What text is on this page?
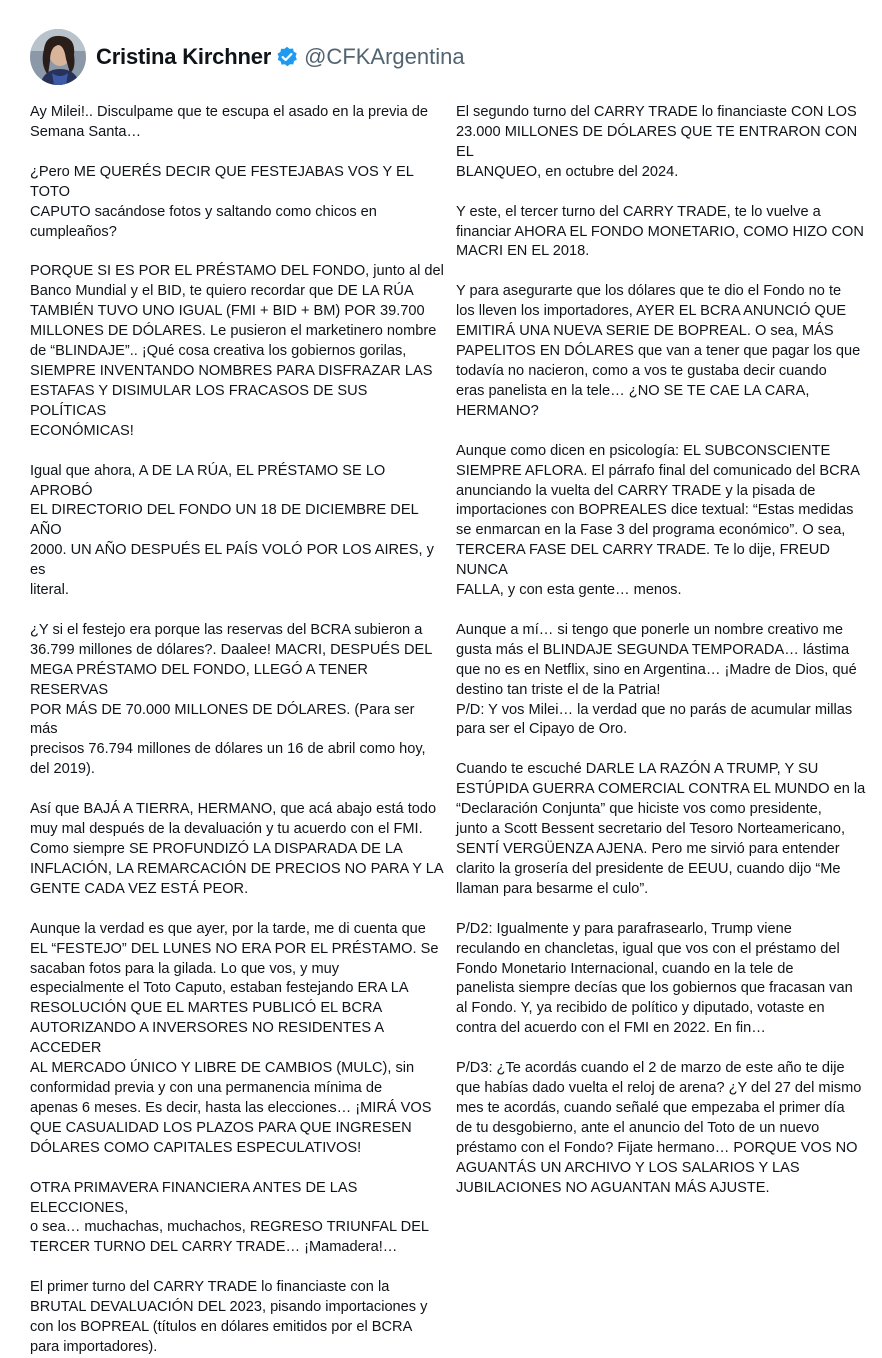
Cristina Kirchner @CFKArgentina

Ay Milei!.. Disculpame que te escupa el asado en la previa de
Semana Santa…

¿Pero ME QUERÉS DECIR QUE FESTEJABAS VOS Y EL TOTO
CAPUTO sacándose fotos y saltando como chicos en
cumpleaños?

PORQUE SI ES POR EL PRÉSTAMO DEL FONDO, junto al del
Banco Mundial y el BID, te quiero recordar que DE LA RÚA
TAMBIÉN TUVO UNO IGUAL (FMI + BID + BM) POR 39.700
MILLONES DE DÓLARES. Le pusieron el marketinero nombre
de “BLINDAJE”.. ¡Qué cosa creativa los gobiernos gorilas,
SIEMPRE INVENTANDO NOMBRES PARA DISFRAZAR LAS
ESTAFAS Y DISIMULAR LOS FRACASOS DE SUS POLÍTICAS
ECONÓMICAS!

Igual que ahora, A DE LA RÚA, EL PRÉSTAMO SE LO APROBÓ
EL DIRECTORIO DEL FONDO UN 18 DE DICIEMBRE DEL AÑO
2000. UN AÑO DESPUÉS EL PAÍS VOLÓ POR LOS AIRES, y es
literal.

¿Y si el festejo era porque las reservas del BCRA subieron a
36.799 millones de dólares?. Daalee! MACRI, DESPUÉS DEL
MEGA PRÉSTAMO DEL FONDO, LLEGÓ A TENER RESERVAS
POR MÁS DE 70.000 MILLONES DE DÓLARES. (Para ser más
precisos 76.794 millones de dólares un 16 de abril como hoy,
del 2019).

Así que BAJÁ A TIERRA, HERMANO, que acá abajo está todo
muy mal después de la devaluación y tu acuerdo con el FMI.
Como siempre SE PROFUNDIZÓ LA DISPARADA DE LA
INFLACIÓN, LA REMARCACIÓN DE PRECIOS NO PARA Y LA
GENTE CADA VEZ ESTÁ PEOR.

Aunque la verdad es que ayer, por la tarde, me di cuenta que
EL “FESTEJO” DEL LUNES NO ERA POR EL PRÉSTAMO. Se
sacaban fotos para la gilada. Lo que vos, y muy
especialmente el Toto Caputo, estaban festejando ERA LA
RESOLUCIÓN QUE EL MARTES PUBLICÓ EL BCRA
AUTORIZANDO A INVERSORES NO RESIDENTES A ACCEDER
AL MERCADO ÚNICO Y LIBRE DE CAMBIOS (MULC), sin
conformidad previa y con una permanencia mínima de
apenas 6 meses. Es decir, hasta las elecciones… ¡MIRÁ VOS
QUE CASUALIDAD LOS PLAZOS PARA QUE INGRESEN
DÓLARES COMO CAPITALES ESPECULATIVOS!

OTRA PRIMAVERA FINANCIERA ANTES DE LAS ELECCIONES,
o sea… muchachas, muchachos, REGRESO TRIUNFAL DEL
TERCER TURNO DEL CARRY TRADE… ¡Mamadera!…

El primer turno del CARRY TRADE lo financiaste con la
BRUTAL DEVALUACIÓN DEL 2023, pisando importaciones y
con los BOPREAL (títulos en dólares emitidos por el BCRA
para importadores).

El segundo turno del CARRY TRADE lo financiaste CON LOS
23.000 MILLONES DE DÓLARES QUE TE ENTRARON CON EL
BLANQUEO, en octubre del 2024.

Y este, el tercer turno del CARRY TRADE, te lo vuelve a
financiar AHORA EL FONDO MONETARIO, COMO HIZO CON
MACRI EN EL 2018.

Y para asegurarte que los dólares que te dio el Fondo no te
los lleven los importadores, AYER EL BCRA ANUNCIÓ QUE
EMITIRÁ UNA NUEVA SERIE DE BOPREAL. O sea, MÁS
PAPELITOS EN DÓLARES que van a tener que pagar los que
todavía no nacieron, como a vos te gustaba decir cuando
eras panelista en la tele… ¿NO SE TE CAE LA CARA,
HERMANO?

Aunque como dicen en psicología: EL SUBCONSCIENTE
SIEMPRE AFLORA. El párrafo final del comunicado del BCRA
anunciando la vuelta del CARRY TRADE y la pisada de
importaciones con BOPREALES dice textual: “Estas medidas
se enmarcan en la Fase 3 del programa económico”. O sea,
TERCERA FASE DEL CARRY TRADE. Te lo dije, FREUD NUNCA
FALLA, y con esta gente… menos.

Aunque a mí… si tengo que ponerle un nombre creativo me
gusta más el BLINDAJE SEGUNDA TEMPORADA… lástima
que no es en Netflix, sino en Argentina… ¡Madre de Dios, qué
destino tan triste el de la Patria!
P/D: Y vos Milei… la verdad que no parás de acumular millas
para ser el Cipayo de Oro.

Cuando te escuché DARLE LA RAZÓN A TRUMP, Y SU
ESTÚPIDA GUERRA COMERCIAL CONTRA EL MUNDO en la
“Declaración Conjunta” que hiciste vos como presidente,
junto a Scott Bessent secretario del Tesoro Norteamericano,
SENTÍ VERGÜENZA AJENA. Pero me sirvió para entender
clarito la grosería del presidente de EEUU, cuando dijo “Me
llaman para besarme el culo”.

P/D2: Igualmente y para parafrasearlo, Trump viene
reculando en chancletas, igual que vos con el préstamo del
Fondo Monetario Internacional, cuando en la tele de
panelista siempre decías que los gobiernos que fracasan van
al Fondo. Y, ya recibido de político y diputado, votaste en
contra del acuerdo con el FMI en 2022. En fin…

P/D3: ¿Te acordás cuando el 2 de marzo de este año te dije
que habías dado vuelta el reloj de arena? ¿Y del 27 del mismo
mes te acordás, cuando señalé que empezaba el primer día
de tu desgobierno, ante el anuncio del Toto de un nuevo
préstamo con el Fondo? Fijate hermano… PORQUE VOS NO
AGUANTÁS UN ARCHIVO Y LOS SALARIOS Y LAS
JUBILACIONES NO AGUANTAN MÁS AJUSTE.
